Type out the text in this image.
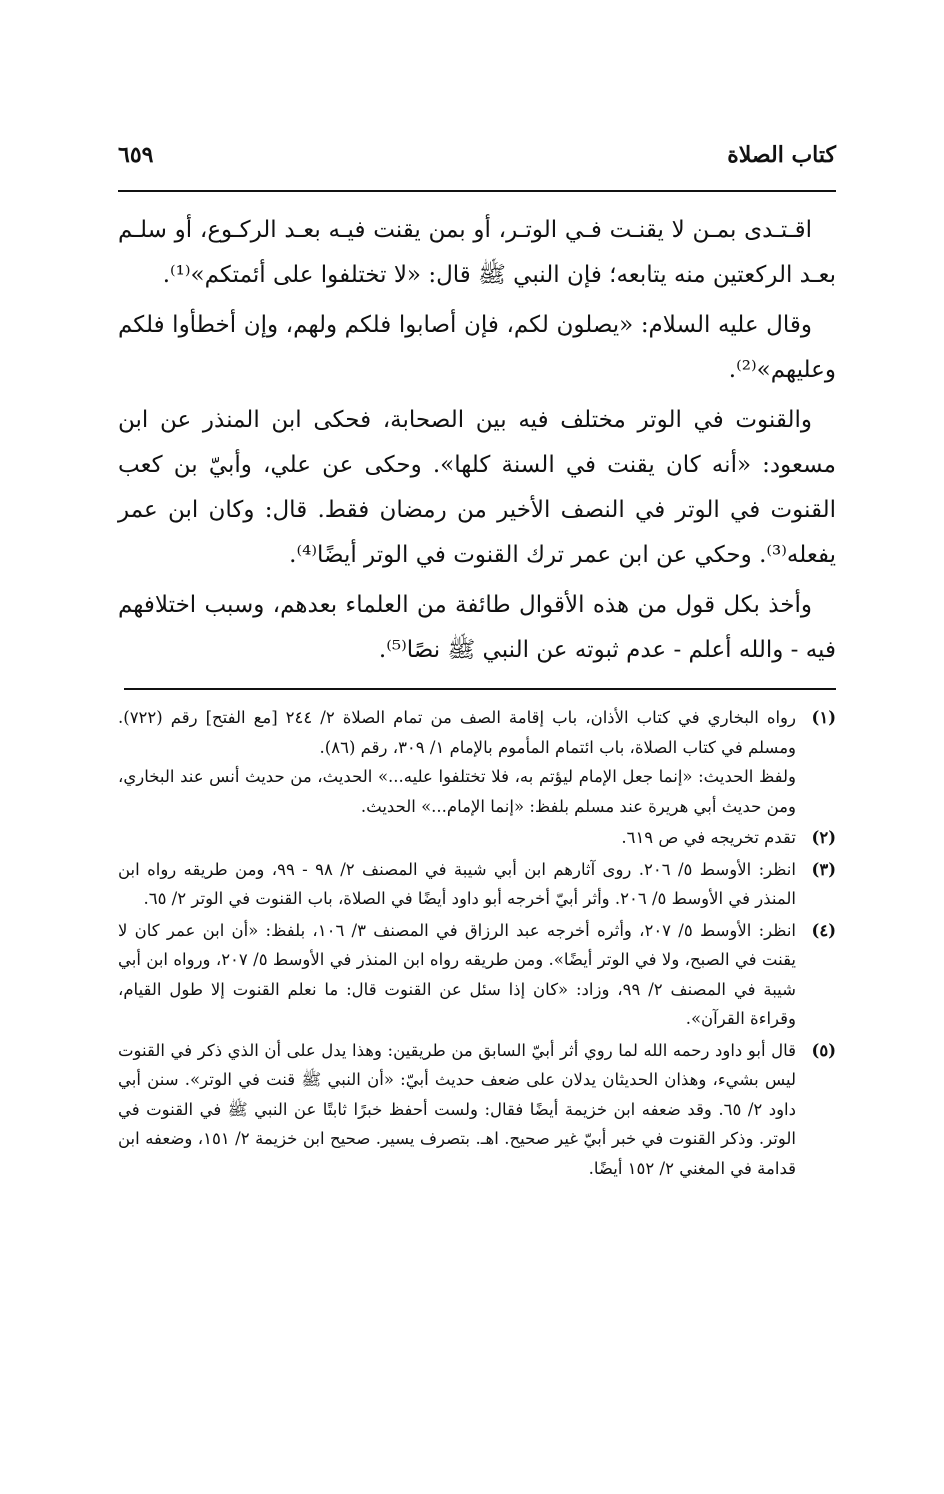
كتاب الصلاة
٦٥٩

اقـتـدى بمـن لا يقنـت فـي الوتـر، أو بمن يقنت فيـه بعـد الركـوع، أو سلـم بعـد الركعتين منه يتابعه؛ فإن النبي ﷺ قال: «لا تختلفوا على أئمتكم»⁽¹⁾.

وقال عليه السلام: «يصلون لكم، فإن أصابوا فلكم ولهم، وإن أخطأوا فلكم وعليهم»⁽²⁾.

والقنوت في الوتر مختلف فيه بين الصحابة، فحكى ابن المنذر عن ابن مسعود: «أنه كان يقنت في السنة كلها». وحكى عن علي، وأبيّ بن كعب القنوت في الوتر في النصف الأخير من رمضان فقط. قال: وكان ابن عمر يفعله⁽³⁾. وحكي عن ابن عمر ترك القنوت في الوتر أيضًا⁽⁴⁾.

وأخذ بكل قول من هذه الأقوال طائفة من العلماء بعدهم، وسبب اختلافهم فيه - والله أعلم - عدم ثبوته عن النبي ﷺ نصًا⁽⁵⁾.

(١)

رواه البخاري في كتاب الأذان، باب إقامة الصف من تمام الصلاة ٢/ ٢٤٤ [مع الفتح] رقم (٧٢٢). ومسلم في كتاب الصلاة، باب ائتمام المأموم بالإمام ١/ ٣٠٩، رقم (٨٦).

ولفظ الحديث: «إنما جعل الإمام ليؤتم به، فلا تختلفوا عليه...» الحديث، من حديث أنس عند البخاري، ومن حديث أبي هريرة عند مسلم بلفظ: «إنما الإمام...» الحديث.

(٢)

تقدم تخريجه في ص ٦١٩.

(٣)

انظر: الأوسط ٥/ ٢٠٦. روى آثارهم ابن أبي شيبة في المصنف ٢/ ٩٨ - ٩٩، ومن طريقه رواه ابن المنذر في الأوسط ٥/ ٢٠٦. وأثر أبيّ أخرجه أبو داود أيضًا في الصلاة، باب القنوت في الوتر ٢/ ٦٥.

(٤)

انظر: الأوسط ٥/ ٢٠٧، وأثره أخرجه عبد الرزاق في المصنف ٣/ ١٠٦، بلفظ: «أن ابن عمر كان لا يقنت في الصبح، ولا في الوتر أيضًا». ومن طريقه رواه ابن المنذر في الأوسط ٥/ ٢٠٧، ورواه ابن أبي شيبة في المصنف ٢/ ٩٩، وزاد: «كان إذا سئل عن القنوت قال: ما نعلم القنوت إلا طول القيام، وقراءة القرآن».

(٥)

قال أبو داود رحمه الله لما روي أثر أبيّ السابق من طريقين: وهذا يدل على أن الذي ذكر في القنوت ليس بشيء، وهذان الحديثان يدلان على ضعف حديث أبيّ: «أن النبي ﷺ قنت في الوتر». سنن أبي داود ٢/ ٦٥. وقد ضعفه ابن خزيمة أيضًا فقال: ولست أحفظ خبرًا ثابتًا عن النبي ﷺ في القنوت في الوتر. وذكر القنوت في خبر أبيّ غير صحيح. اهـ. بتصرف يسير. صحيح ابن خزيمة ٢/ ١٥١، وضعفه ابن قدامة في المغني ٢/ ١٥٢ أيضًا.
